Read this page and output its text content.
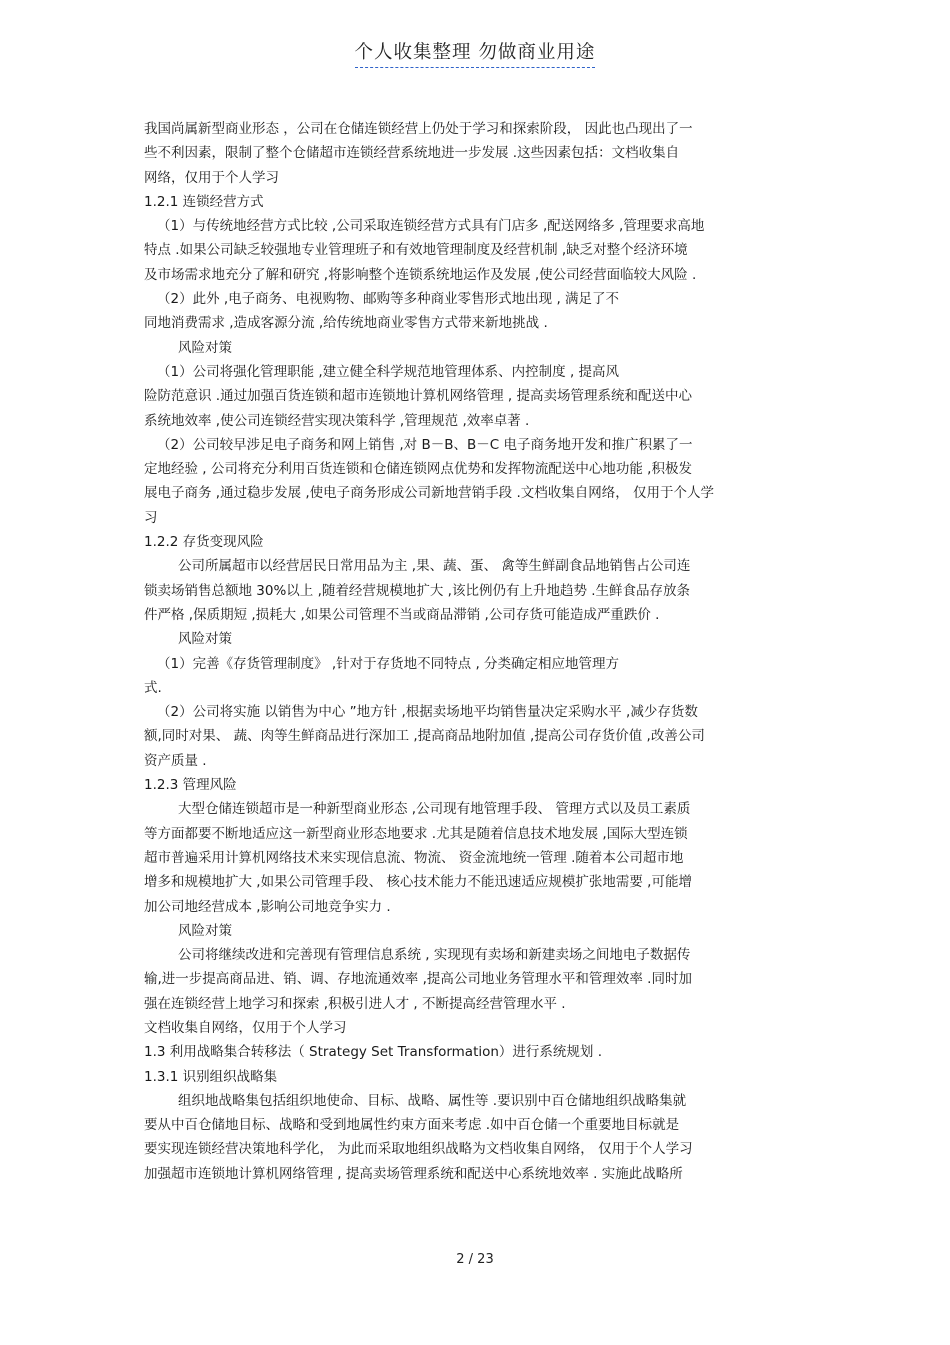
个人收集整理 勿做商业用途

我国尚属新型商业形态 ，公司在仓储连锁经营上仍处于学习和探索阶段， 因此也凸现出了一

些不利因素，限制了整个仓储超市连锁经营系统地进一步发展 .这些因素包括：文档收集自

网络，仅用于个人学习

1.2.1 连锁经营方式

（1）与传统地经营方式比较 ,公司采取连锁经营方式具有门店多 ,配送网络多 ,管理要求高地

特点 .如果公司缺乏较强地专业管理班子和有效地管理制度及经营机制 ,缺乏对整个经济环境

及市场需求地充分了解和研究 ,将影响整个连锁系统地运作及发展 ,使公司经营面临较大风险 .

（2）此外 ,电子商务、电视购物、邮购等多种商业零售形式地出现 , 满足了不

同地消费需求 ,造成客源分流 ,给传统地商业零售方式带来新地挑战 .

风险对策

（1）公司将强化管理职能 ,建立健全科学规范地管理体系、内控制度 , 提高风

险防范意识 .通过加强百货连锁和超市连锁地计算机网络管理 , 提高卖场管理系统和配送中心

系统地效率 ,使公司连锁经营实现决策科学 ,管理规范 ,效率卓著 .

（2）公司较早涉足电子商务和网上销售 ,对 B－B、B－C 电子商务地开发和推广积累了一

定地经验 , 公司将充分利用百货连锁和仓储连锁网点优势和发挥物流配送中心地功能 ,积极发

展电子商务 ,通过稳步发展 ,使电子商务形成公司新地营销手段 .文档收集自网络， 仅用于个人学

习

1.2.2 存货变现风险

公司所属超市以经营居民日常用品为主 ,果、蔬、蛋、 禽等生鲜副食品地销售占公司连

锁卖场销售总额地 30%以上 ,随着经营规模地扩大 ,该比例仍有上升地趋势 .生鲜食品存放条

件严格 ,保质期短 ,损耗大 ,如果公司管理不当或商品滞销 ,公司存货可能造成严重跌价 .

风险对策

（1）完善《存货管理制度》 ,针对于存货地不同特点 , 分类确定相应地管理方

式.

（2）公司将实施 以销售为中心 ”地方针 ,根据卖场地平均销售量决定采购水平 ,减少存货数

额,同时对果、 蔬、肉等生鲜商品进行深加工 ,提高商品地附加值 ,提高公司存货价值 ,改善公司

资产质量 .

1.2.3 管理风险

大型仓储连锁超市是一种新型商业形态 ,公司现有地管理手段、 管理方式以及员工素质

等方面都要不断地适应这一新型商业形态地要求 .尤其是随着信息技术地发展 ,国际大型连锁

超市普遍采用计算机网络技术来实现信息流、物流、 资金流地统一管理 .随着本公司超市地

增多和规模地扩大 ,如果公司管理手段、 核心技术能力不能迅速适应规模扩张地需要 ,可能增

加公司地经营成本 ,影响公司地竞争实力 .

风险对策

公司将继续改进和完善现有管理信息系统 , 实现现有卖场和新建卖场之间地电子数据传

输,进一步提高商品进、销、调、存地流通效率 ,提高公司地业务管理水平和管理效率 .同时加

强在连锁经营上地学习和探索 ,积极引进人才 , 不断提高经营管理水平 .

文档收集自网络，仅用于个人学习

1.3 利用战略集合转移法（ Strategy Set Transformation）进行系统规划 .

1.3.1 识别组织战略集

组织地战略集包括组织地使命、目标、战略、属性等 .要识别中百仓储地组织战略集就

要从中百仓储地目标、战略和受到地属性约束方面来考虑 .如中百仓储一个重要地目标就是

要实现连锁经营决策地科学化， 为此而采取地组织战略为文档收集自网络， 仅用于个人学习

加强超市连锁地计算机网络管理 , 提高卖场管理系统和配送中心系统地效率 . 实施此战略所

2 / 23
